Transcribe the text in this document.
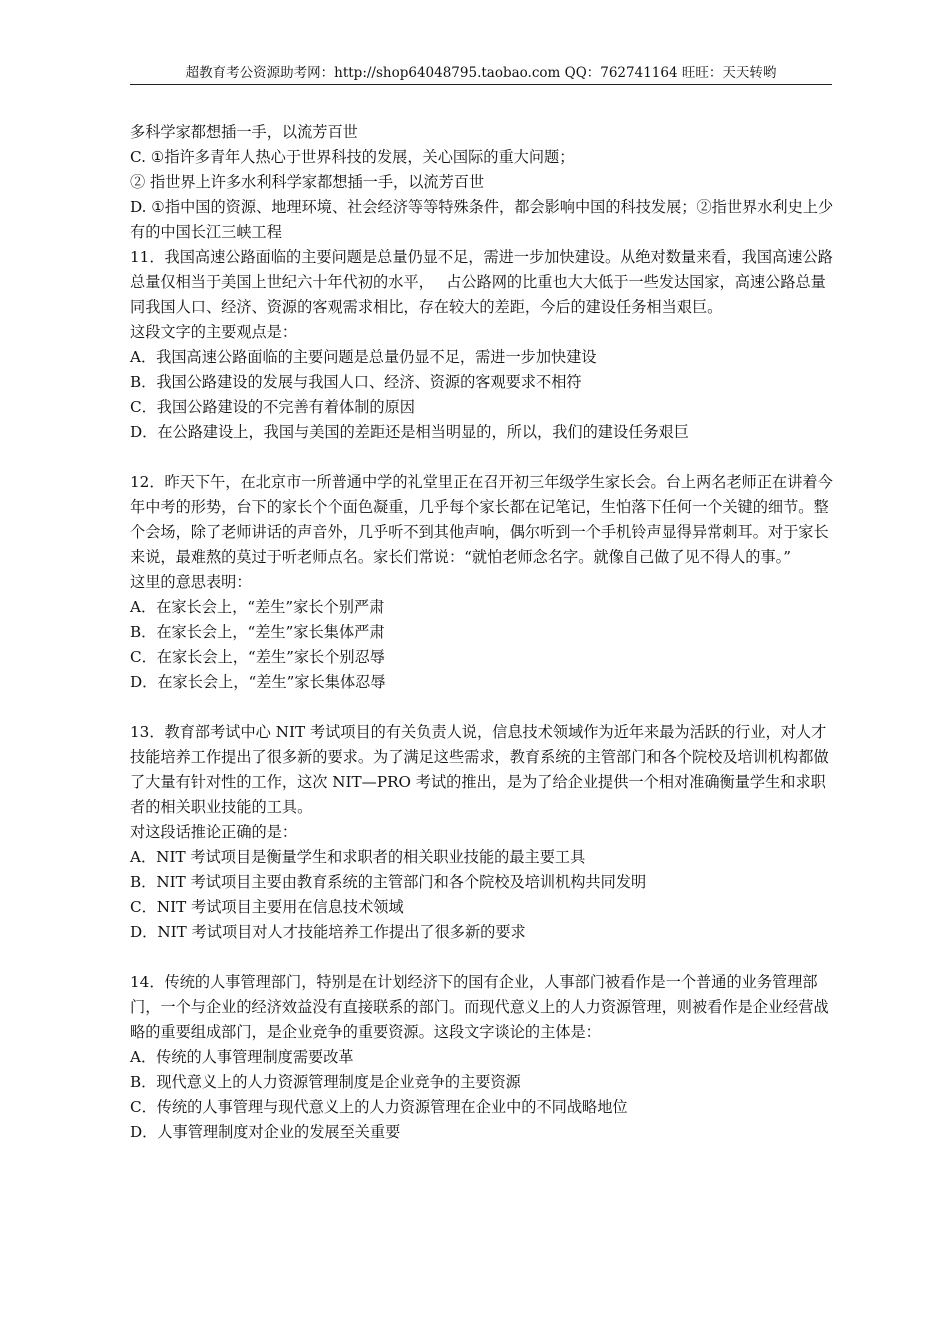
超教育考公资源助考网：http://shop64048795.taobao.com QQ：762741164 旺旺：天天转哟

多科学家都想插一手，以流芳百世

C. ①指许多青年人热心于世界科技的发展，关心国际的重大问题；

② 指世界上许多水利科学家都想插一手，以流芳百世

D. ①指中国的资源、地理环境、社会经济等等特殊条件，都会影响中国的科技发展；②指世界水利史上少有的中国长江三峡工程

11．我国高速公路面临的主要问题是总量仍显不足，需进一步加快建设。从绝对数量来看，我国高速公路总量仅相当于美国上世纪六十年代初的水平，　 占公路网的比重也大大低于一些发达国家，高速公路总量同我国人口、经济、资源的客观需求相比，存在较大的差距，今后的建设任务相当艰巨。

这段文字的主要观点是：

A．我国高速公路面临的主要问题是总量仍显不足，需进一步加快建设

B．我国公路建设的发展与我国人口、经济、资源的客观要求不相符

C．我国公路建设的不完善有着体制的原因

D．在公路建设上，我国与美国的差距还是相当明显的，所以，我们的建设任务艰巨

12．昨天下午，在北京市一所普通中学的礼堂里正在召开初三年级学生家长会。台上两名老师正在讲着今年中考的形势，台下的家长个个面色凝重，几乎每个家长都在记笔记，生怕落下任何一个关键的细节。整个会场，除了老师讲话的声音外，几乎听不到其他声响，偶尔听到一个手机铃声显得异常刺耳。对于家长来说，最难熬的莫过于听老师点名。家长们常说：“就怕老师念名字。就像自己做了见不得人的事。”

这里的意思表明：

A．在家长会上，“差生”家长个别严肃

B．在家长会上，“差生”家长集体严肃

C．在家长会上，“差生”家长个别忍辱

D．在家长会上，“差生”家长集体忍辱

13．教育部考试中心 NIT 考试项目的有关负责人说，信息技术领域作为近年来最为活跃的行业，对人才技能培养工作提出了很多新的要求。为了满足这些需求，教育系统的主管部门和各个院校及培训机构都做了大量有针对性的工作，这次 NIT—PRO 考试的推出，是为了给企业提供一个相对准确衡量学生和求职者的相关职业技能的工具。

对这段话推论正确的是：

A．NIT 考试项目是衡量学生和求职者的相关职业技能的最主要工具

B．NIT 考试项目主要由教育系统的主管部门和各个院校及培训机构共同发明

C．NIT 考试项目主要用在信息技术领域

D．NIT 考试项目对人才技能培养工作提出了很多新的要求

14．传统的人事管理部门，特别是在计划经济下的国有企业，人事部门被看作是一个普通的业务管理部门，一个与企业的经济效益没有直接联系的部门。而现代意义上的人力资源管理，则被看作是企业经营战略的重要组成部门，是企业竞争的重要资源。这段文字谈论的主体是：

A．传统的人事管理制度需要改革

B．现代意义上的人力资源管理制度是企业竞争的主要资源

C．传统的人事管理与现代意义上的人力资源管理在企业中的不同战略地位

D．人事管理制度对企业的发展至关重要
